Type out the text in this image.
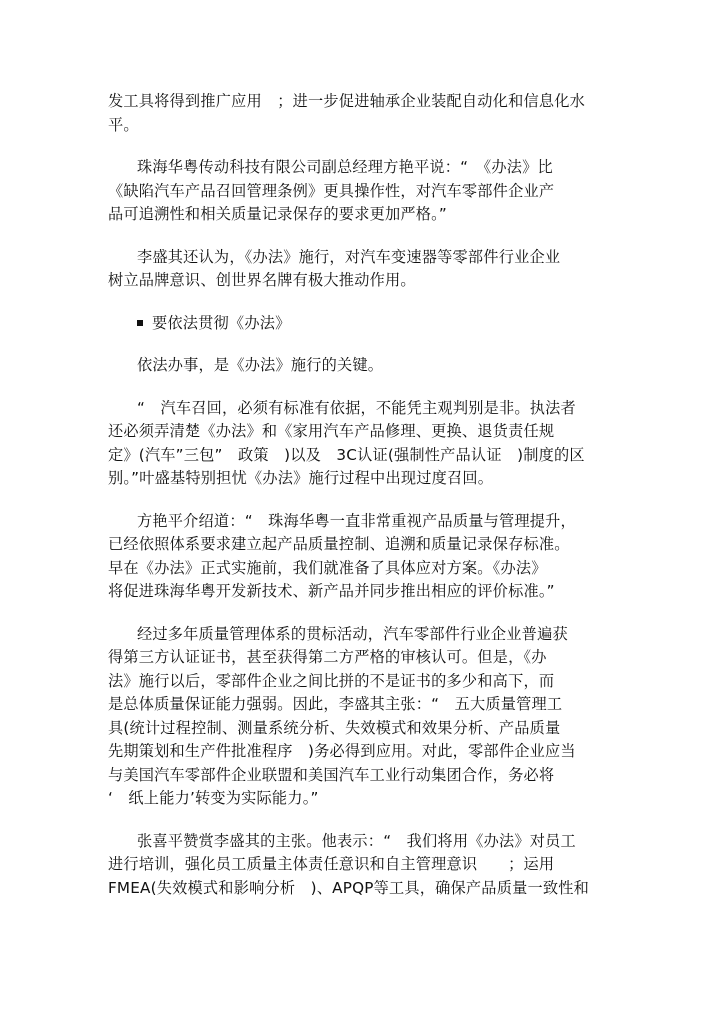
发工具将得到推广应用　；进一步促进轴承企业装配自动化和信息化水
平。

珠海华粤传动科技有限公司副总经理方艳平说：“　《办法》比
《缺陷汽车产品召回管理条例》更具操作性，对汽车零部件企业产
品可追溯性和相关质量记录保存的要求更加严格。”

李盛其还认为，《办法》施行，对汽车变速器等零部件行业企业
树立品牌意识、创世界名牌有极大推动作用。

要依法贯彻《办法》

依法办事，是《办法》施行的关键。

“　汽车召回，必须有标准有依据，不能凭主观判别是非。执法者
还必须弄清楚《办法》和《家用汽车产品修理、更换、退货责任规
定》(汽车”三包”　政策　)以及　3C认证(强制性产品认证　)制度的区
别。”叶盛基特别担忧《办法》施行过程中出现过度召回。

方艳平介绍道：“　珠海华粤一直非常重视产品质量与管理提升，
已经依照体系要求建立起产品质量控制、追溯和质量记录保存标准。
早在《办法》正式实施前，我们就准备了具体应对方案。《办法》
将促进珠海华粤开发新技术、新产品并同步推出相应的评价标准。”

经过多年质量管理体系的贯标活动，汽车零部件行业企业普遍获
得第三方认证证书，甚至获得第二方严格的审核认可。但是，《办
法》施行以后，零部件企业之间比拼的不是证书的多少和高下，而
是总体质量保证能力强弱。因此，李盛其主张：“　五大质量管理工
具(统计过程控制、测量系统分析、失效模式和效果分析、产品质量
先期策划和生产件批准程序　)务必得到应用。对此，零部件企业应当
与美国汽车零部件企业联盟和美国汽车工业行动集团合作，务必将
‘　纸上能力’转变为实际能力。”

张喜平赞赏李盛其的主张。他表示：“　我们将用《办法》对员工
进行培训，强化员工质量主体责任意识和自主管理意识　　；运用
FMEA(失效模式和影响分析　)、APQP等工具，确保产品质量一致性和
